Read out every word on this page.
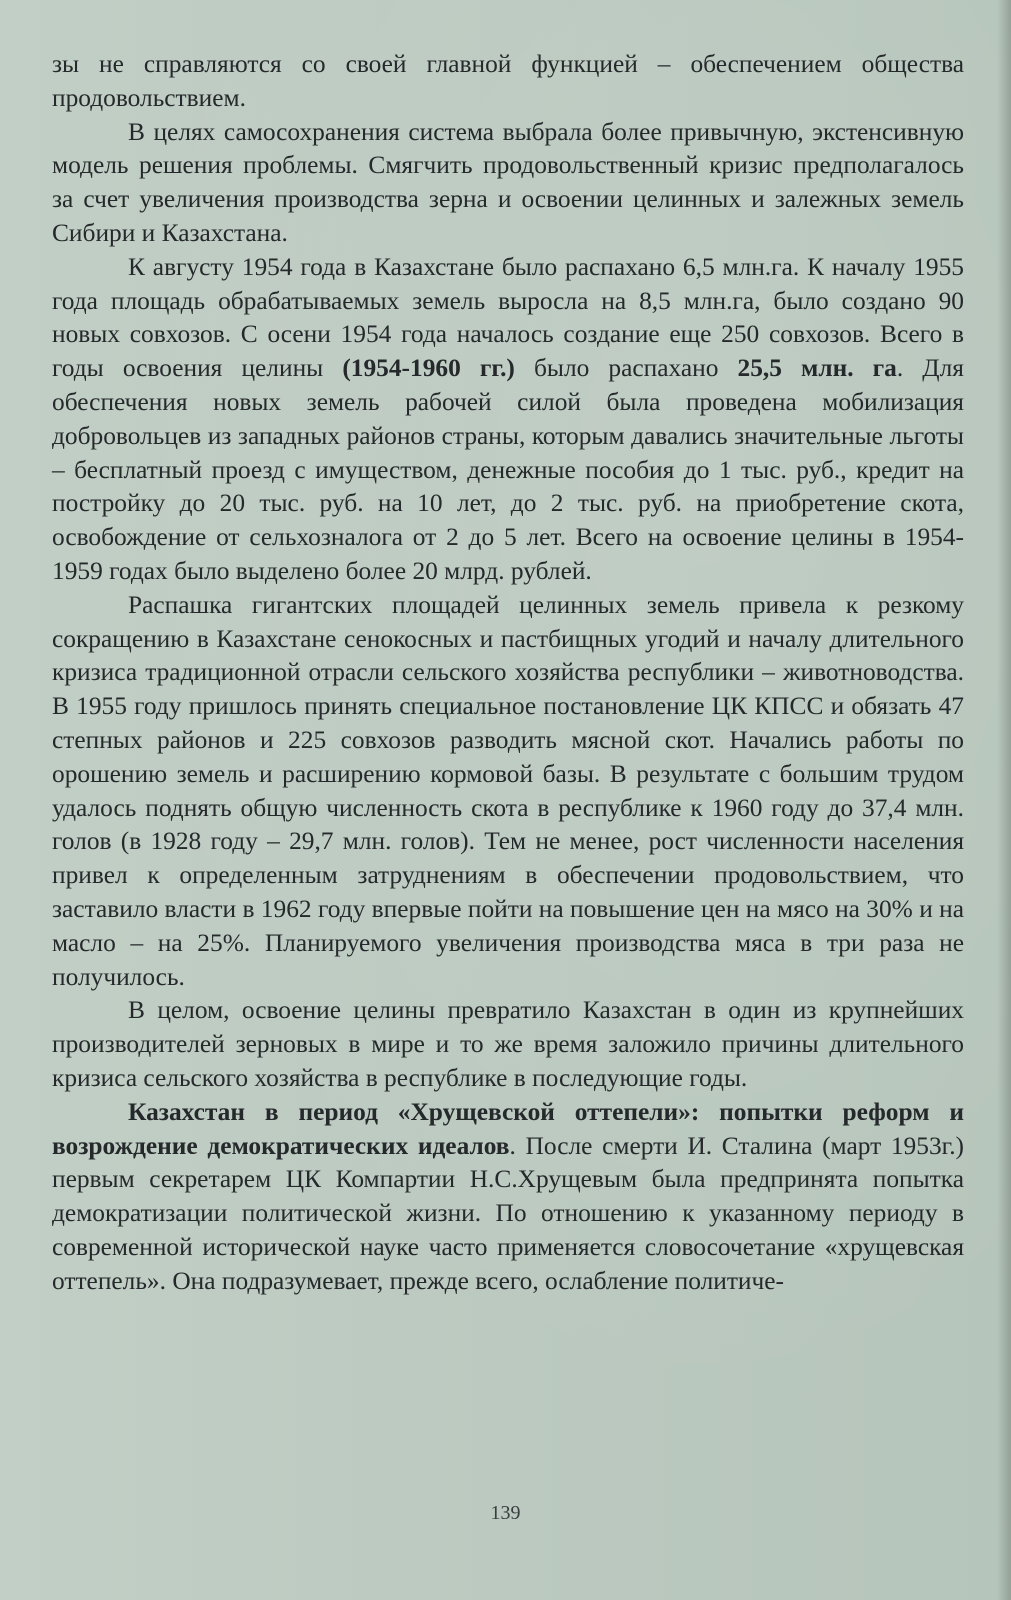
зы не справляются со своей главной функцией – обеспечением общества продовольствием.

В целях самосохранения система выбрала более привычную, экстенсивную модель решения проблемы. Смягчить продовольственный кризис предполагалось за счет увеличения производства зерна и освоении целинных и залежных земель Сибири и Казахстана.

К августу 1954 года в Казахстане было распахано 6,5 млн.га. К началу 1955 года площадь обрабатываемых земель выросла на 8,5 млн.га, было создано 90 новых совхозов. С осени 1954 года началось создание еще 250 совхозов. Всего в годы освоения целины (1954-1960 гг.) было распахано 25,5 млн. га. Для обеспечения новых земель рабочей силой была проведена мобилизация добровольцев из западных районов страны, которым давались значительные льготы – бесплатный проезд с имуществом, денежные пособия до 1 тыс. руб., кредит на постройку до 20 тыс. руб. на 10 лет, до 2 тыс. руб. на приобретение скота, освобождение от сельхозналога от 2 до 5 лет. Всего на освоение целины в 1954-1959 годах было выделено более 20 млрд. рублей.

Распашка гигантских площадей целинных земель привела к резкому сокращению в Казахстане сенокосных и пастбищных угодий и началу длительного кризиса традиционной отрасли сельского хозяйства республики – животноводства. В 1955 году пришлось принять специальное постановление ЦК КПСС и обязать 47 степных районов и 225 совхозов разводить мясной скот. Начались работы по орошению земель и расширению кормовой базы. В результате с большим трудом удалось поднять общую численность скота в республике к 1960 году до 37,4 млн. голов (в 1928 году – 29,7 млн. голов). Тем не менее, рост численности населения привел к определенным затруднениям в обеспечении продовольствием, что заставило власти в 1962 году впервые пойти на повышение цен на мясо на 30% и на масло – на 25%. Планируемого увеличения производства мяса в три раза не получилось.

В целом, освоение целины превратило Казахстан в один из крупнейших производителей зерновых в мире и то же время заложило причины длительного кризиса сельского хозяйства в республике в последующие годы.

Казахстан в период «Хрущевской оттепели»: попытки реформ и возрождение демократических идеалов. После смерти И. Сталина (март 1953г.) первым секретарем ЦК Компартии Н.С.Хрущевым была предпринята попытка демократизации политической жизни. По отношению к указанному периоду в современной исторической науке часто применяется словосочетание «хрущевская оттепель». Она подразумевает, прежде всего, ослабление политиче-

139
